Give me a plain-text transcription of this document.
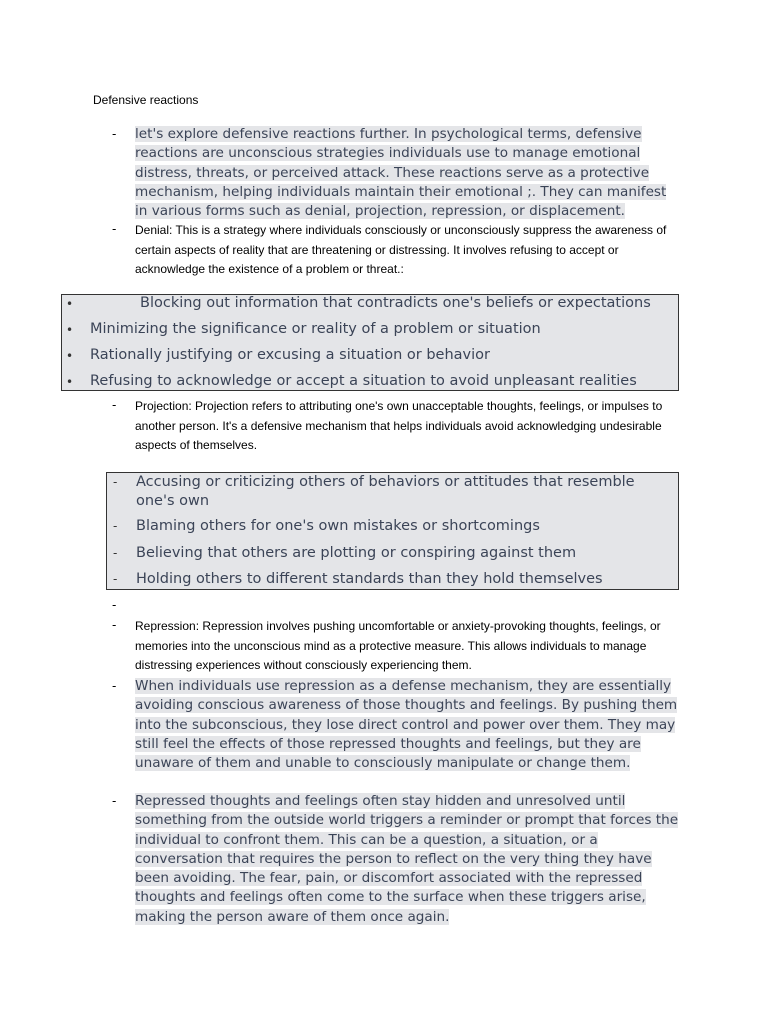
Defensive reactions
- let's explore defensive reactions further. In psychological terms, defensive reactions are unconscious strategies individuals use to manage emotional distress, threats, or perceived attack. These reactions serve as a protective mechanism, helping individuals maintain their emotional ;. They can manifest in various forms such as denial, projection, repression, or displacement.
- Denial: This is a strategy where individuals consciously or unconsciously suppress the awareness of certain aspects of reality that are threatening or distressing. It involves refusing to accept or acknowledge the existence of a problem or threat.:
•	Blocking out information that contradicts one's beliefs or expectations
• Minimizing the significance or reality of a problem or situation
• Rationally justifying or excusing a situation or behavior
• Refusing to acknowledge or accept a situation to avoid unpleasant realities
- Projection: Projection refers to attributing one's own unacceptable thoughts, feelings, or impulses to another person. It's a defensive mechanism that helps individuals avoid acknowledging undesirable aspects of themselves.
- Accusing or criticizing others of behaviors or attitudes that resemble one's own
- Blaming others for one's own mistakes or shortcomings
- Believing that others are plotting or conspiring against them
- Holding others to different standards than they hold themselves
-
- Repression: Repression involves pushing uncomfortable or anxiety-provoking thoughts, feelings, or memories into the unconscious mind as a protective measure. This allows individuals to manage distressing experiences without consciously experiencing them.
- When individuals use repression as a defense mechanism, they are essentially avoiding conscious awareness of those thoughts and feelings. By pushing them into the subconscious, they lose direct control and power over them. They may still feel the effects of those repressed thoughts and feelings, but they are unaware of them and unable to consciously manipulate or change them.
- Repressed thoughts and feelings often stay hidden and unresolved until something from the outside world triggers a reminder or prompt that forces the individual to confront them. This can be a question, a situation, or a conversation that requires the person to reflect on the very thing they have been avoiding. The fear, pain, or discomfort associated with the repressed thoughts and feelings often come to the surface when these triggers arise, making the person aware of them once again.
